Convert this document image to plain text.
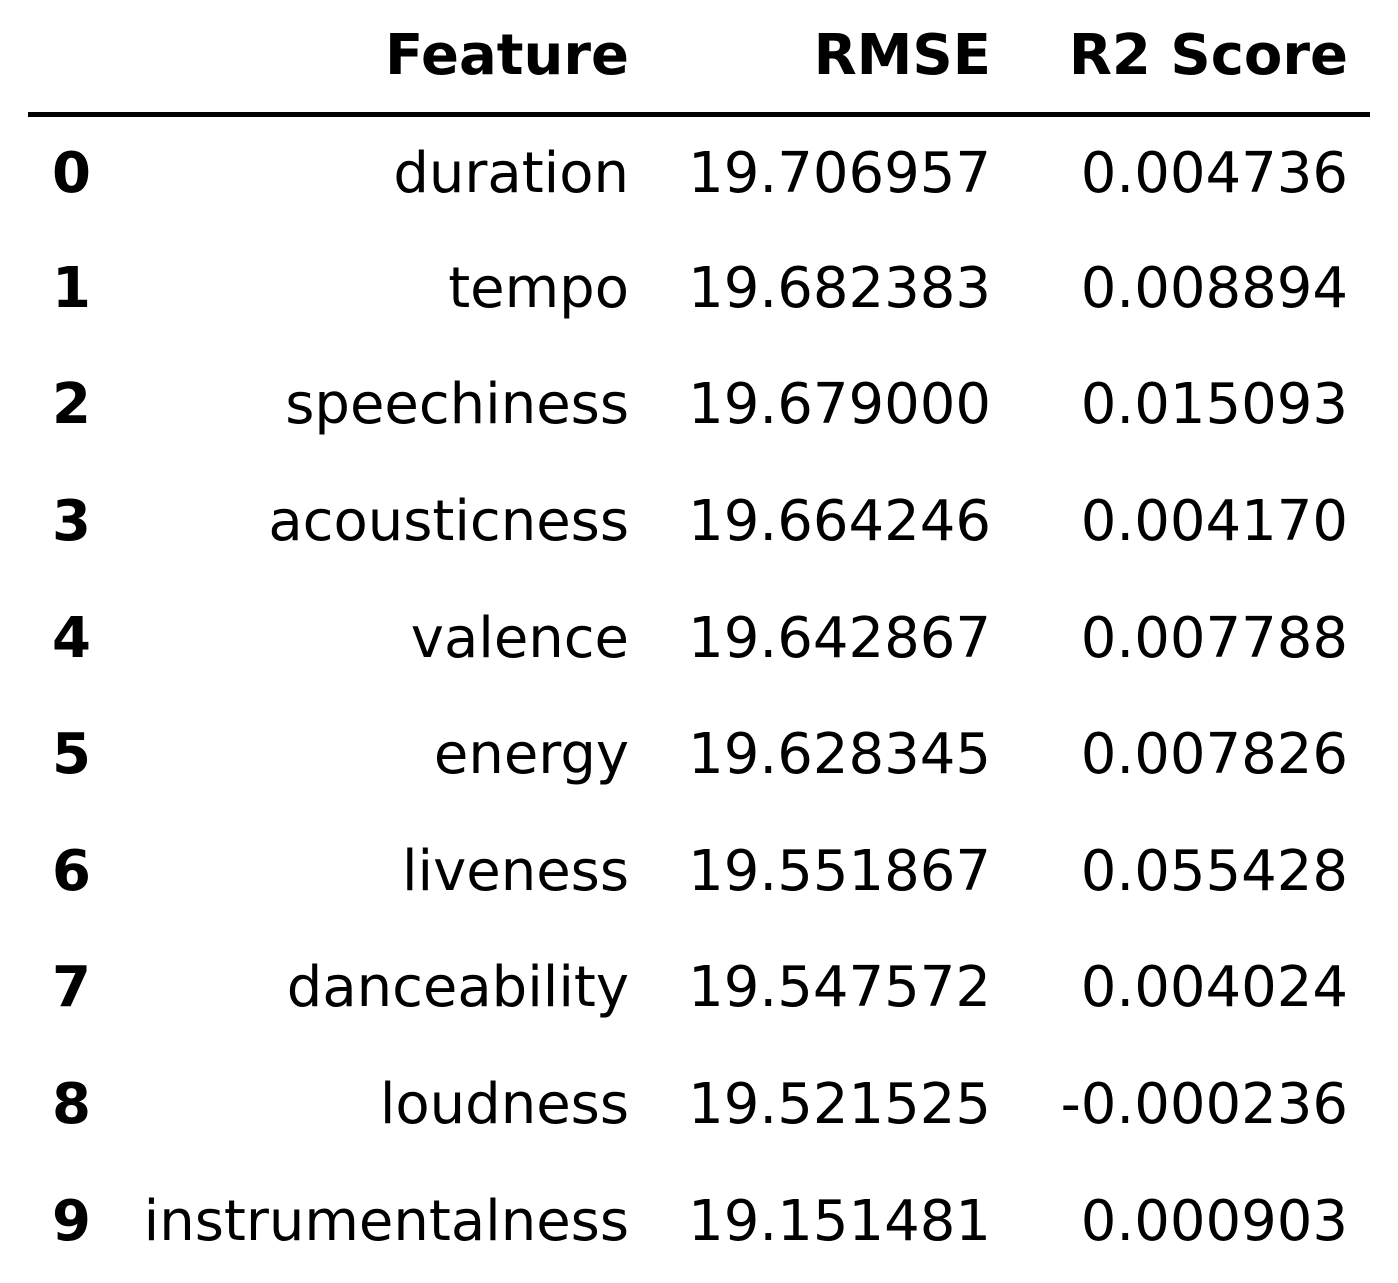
	Feature	RMSE	R2 Score
0	duration	19.706957	0.004736
1	tempo	19.682383	0.008894
2	speechiness	19.679000	0.015093
3	acousticness	19.664246	0.004170
4	valence	19.642867	0.007788
5	energy	19.628345	0.007826
6	liveness	19.551867	0.055428
7	danceability	19.547572	0.004024
8	loudness	19.521525	-0.000236
9	instrumentalness	19.151481	0.000903
